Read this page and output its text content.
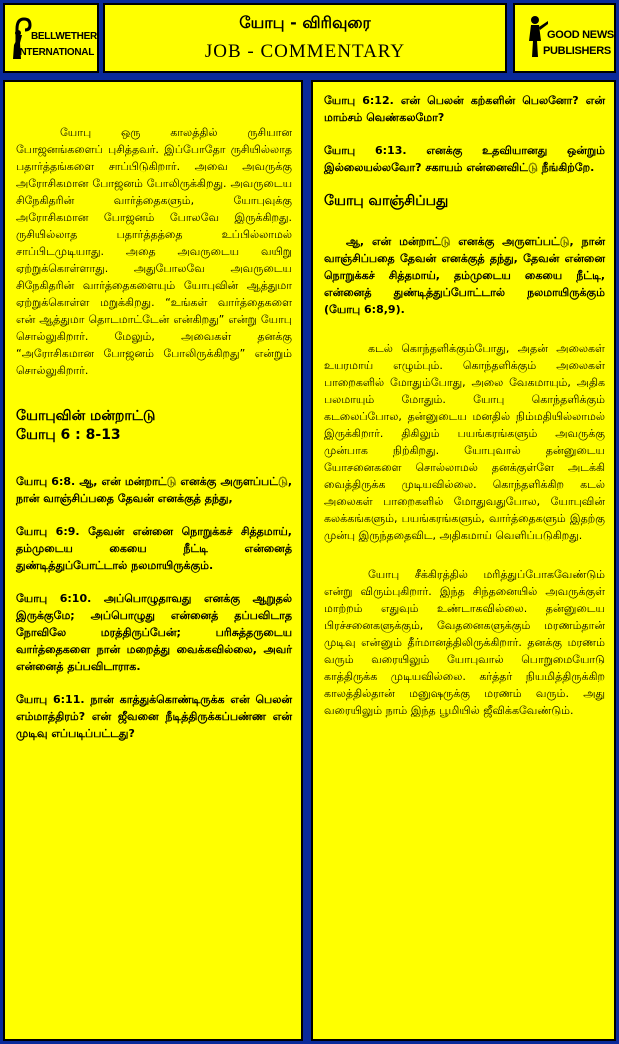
BELLWETHER
INTERNATIONAL
யோபு - விரிவுரை
JOB - COMMENTARY
GOOD NEWS
PUBLISHERS

யோபு ஒரு காலத்தில் ருசியான போஜனங்களைப் புசித்தவர். இப்போதோ ருசியில்லாத பதார்த்தங்களை சாப்பிடுகிறார். அவை அவருக்கு அரோசிகமான போஜனம் போலிருக்கிறது. அவருடைய சிநேகிதரின் வார்த்தைகளும், யோபுவுக்கு அரோசிகமான போஜனம் போலவே இருக்கிறது. ருசியில்லாத பதார்த்தத்தை உப்பில்லாமல் சாப்பிடமுடியாது. அதை அவருடைய வயிறு ஏற்றுக்கொள்ளாது. அதுபோலவே அவருடைய சிநேகிதரின் வார்த்தைகளையும் யோபுவின் ஆத்துமா ஏற்றுக்கொள்ள மறுக்கிறது. “உங்கள் வார்த்தைகளை என் ஆத்துமா தொடமாட்டேன் என்கிறது” என்று யோபு சொல்லுகிறார். மேலும், அவைகள் தனக்கு “அரோசிகமான போஜனம் போலிருக்கிறது” என்றும் சொல்லுகிறார்.

யோபுவின் மன்றாட்டு
யோபு 6 : 8-13

யோபு 6:8. ஆ, என் மன்றாட்டு எனக்கு அருளப்பட்டு, நான் வாஞ்சிப்பதை தேவன் எனக்குத் தந்து,

யோபு 6:9. தேவன் என்னை நொறுக்கச் சித்தமாய், தம்முடைய கையை நீட்டி என்னைத் துண்டித்துப்போட்டால் நலமாயிருக்கும்.

யோபு 6:10. அப்பொழுதாவது எனக்கு ஆறுதல் இருக்குமே; அப்பொழுது என்னைத் தப்பவிடாத நோவிலே மரத்திருப்பேன்; பரிசுத்தருடைய வார்த்தைகளை நான் மறைத்து வைக்கவில்லை, அவர் என்னைத் தப்பவிடாராக.

யோபு 6:11. நான் காத்துக்கொண்டிருக்க என் பெலன் எம்மாத்திரம்? என் ஜீவனை நீடித்திருக்கப்பண்ண என் முடிவு எப்படிப்பட்டது?

யோபு 6:12. என் பெலன் கற்களின் பெலனோ? என் மாம்சம் வெண்கலமோ?

யோபு 6:13. எனக்கு உதவியானது ஒன்றும் இல்லையல்லவோ? சகாயம் என்னைவிட்டு நீங்கிற்றே.

யோபு வாஞ்சிப்பது

ஆ, என் மன்றாட்டு எனக்கு அருளப்பட்டு, நான் வாஞ்சிப்பதை தேவன் எனக்குத் தந்து, தேவன் என்னை நொறுக்கச் சித்தமாய், தம்முடைய கையை நீட்டி, என்னைத் துண்டித்துப்போட்டால் நலமாயிருக்கும் (யோபு 6:8,9).

கடல் கொந்தளிக்கும்போது, அதன் அலைகள் உயரமாய் எழும்பும். கொந்தளிக்கும் அலைகள் பாறைகளில் மோதும்போது, அலை வேகமாயும், அதிக பலமாயும் மோதும். யோபு கொந்தளிக்கும் கடலைப்போல, தன்னுடைய மனதில் நிம்மதியில்லாமல் இருக்கிறார். திகிலும் பயங்கரங்களும் அவருக்கு முன்பாக நிற்கிறது. யோபுவால் தன்னுடைய யோசனைகளை சொல்லாமல் தனக்குள்ளே அடக்கி வைத்திருக்க முடியவில்லை. கொந்தளிக்கிற கடல் அலைகள் பாறைகளில் மோதுவதுபோல, யோபுவின் கலக்கங்களும், பயங்கரங்களும், வார்த்தைகளும் இதற்கு முன்பு இருந்ததைவிட, அதிகமாய் வெளிப்படுகிறது.

யோபு சீக்கிரத்தில் மரித்துப்போகவேண்டும் என்று விரும்புகிறார். இந்த சிந்தனையில் அவருக்குள் மாற்றம் எதுவும் உண்டாகவில்லை. தன்னுடைய பிரச்சனைகளுக்கும், வேதனைகளுக்கும் மரணம்தான் முடிவு என்னும் தீர்மானத்திலிருக்கிறார். தனக்கு மரணம் வரும் வரையிலும் யோபுவால் பொறுமையோடு காத்திருக்க முடியவில்லை. கர்த்தர் நியமித்திருக்கிற காலத்தில்தான் மனுஷருக்கு மரணம் வரும். அது வரையிலும் நாம் இந்த பூமியில் ஜீவிக்கவேண்டும்.
